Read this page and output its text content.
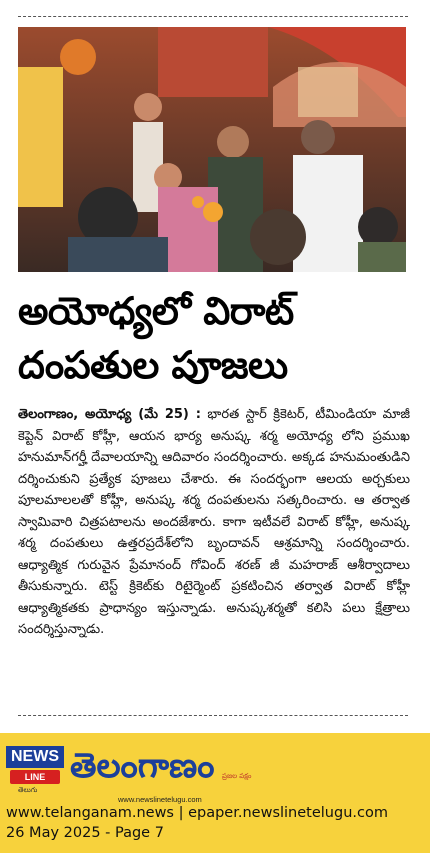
అయోధ్యలో విరాట్
దంపతుల పూజలు
తెలంగాణం, అయోధ్య (మే 25) : భారత స్టార్ క్రికెటర్, టీమిండియా మాజీ కెప్టెన్ విరాట్ కోహ్లీ, ఆయన భార్య అనుష్క శర్మ అయోధ్య లోని ప్రముఖ హనుమాన్‌గర్హీ దేవాలయాన్ని ఆదివారం సందర్శించారు. అక్కడ హనుమంతుడిని దర్శించుకుని ప్రత్యేక పూజలు చేశారు. ఈ సందర్భంగా ఆలయ అర్చకులు పూలమాలలతో కోహ్లీ, అనుష్క శర్మ దంపతులను సత్కరించారు. ఆ తర్వాత స్వామివారి చిత్రపటాలను అందజేశారు. కాగా ఇటీవలే విరాట్ కోహ్లీ, అనుష్క శర్మ దంపతులు ఉత్తరప్రదేశ్‌లోని బృందావన్ ఆశ్రమాన్ని సందర్శించారు. ఆధ్యాత్మిక గురువైన ప్రేమానంద్ గోవింద్ శరణ్ జీ మహరాజ్ ఆశీర్వాదాలు తీసుకున్నారు. టెస్ట్ క్రికెట్‌కు రిటైర్మెంట్ ప్రకటించిన తర్వాత విరాట్ కోహ్లీ ఆధ్యాత్మికతకు ప్రాధాన్యం ఇస్తున్నాడు. అనుష్కశర్మతో కలిసి పలు క్షేత్రాలు సందర్శిస్తున్నాడు.
NEWS
LINE
తెలుగు
తెలంగాణం ప్రజల పక్షం
www.newslinetelugu.com
www.telanganam.news | epaper.newslinetelugu.com
26 May 2025 - Page 7
